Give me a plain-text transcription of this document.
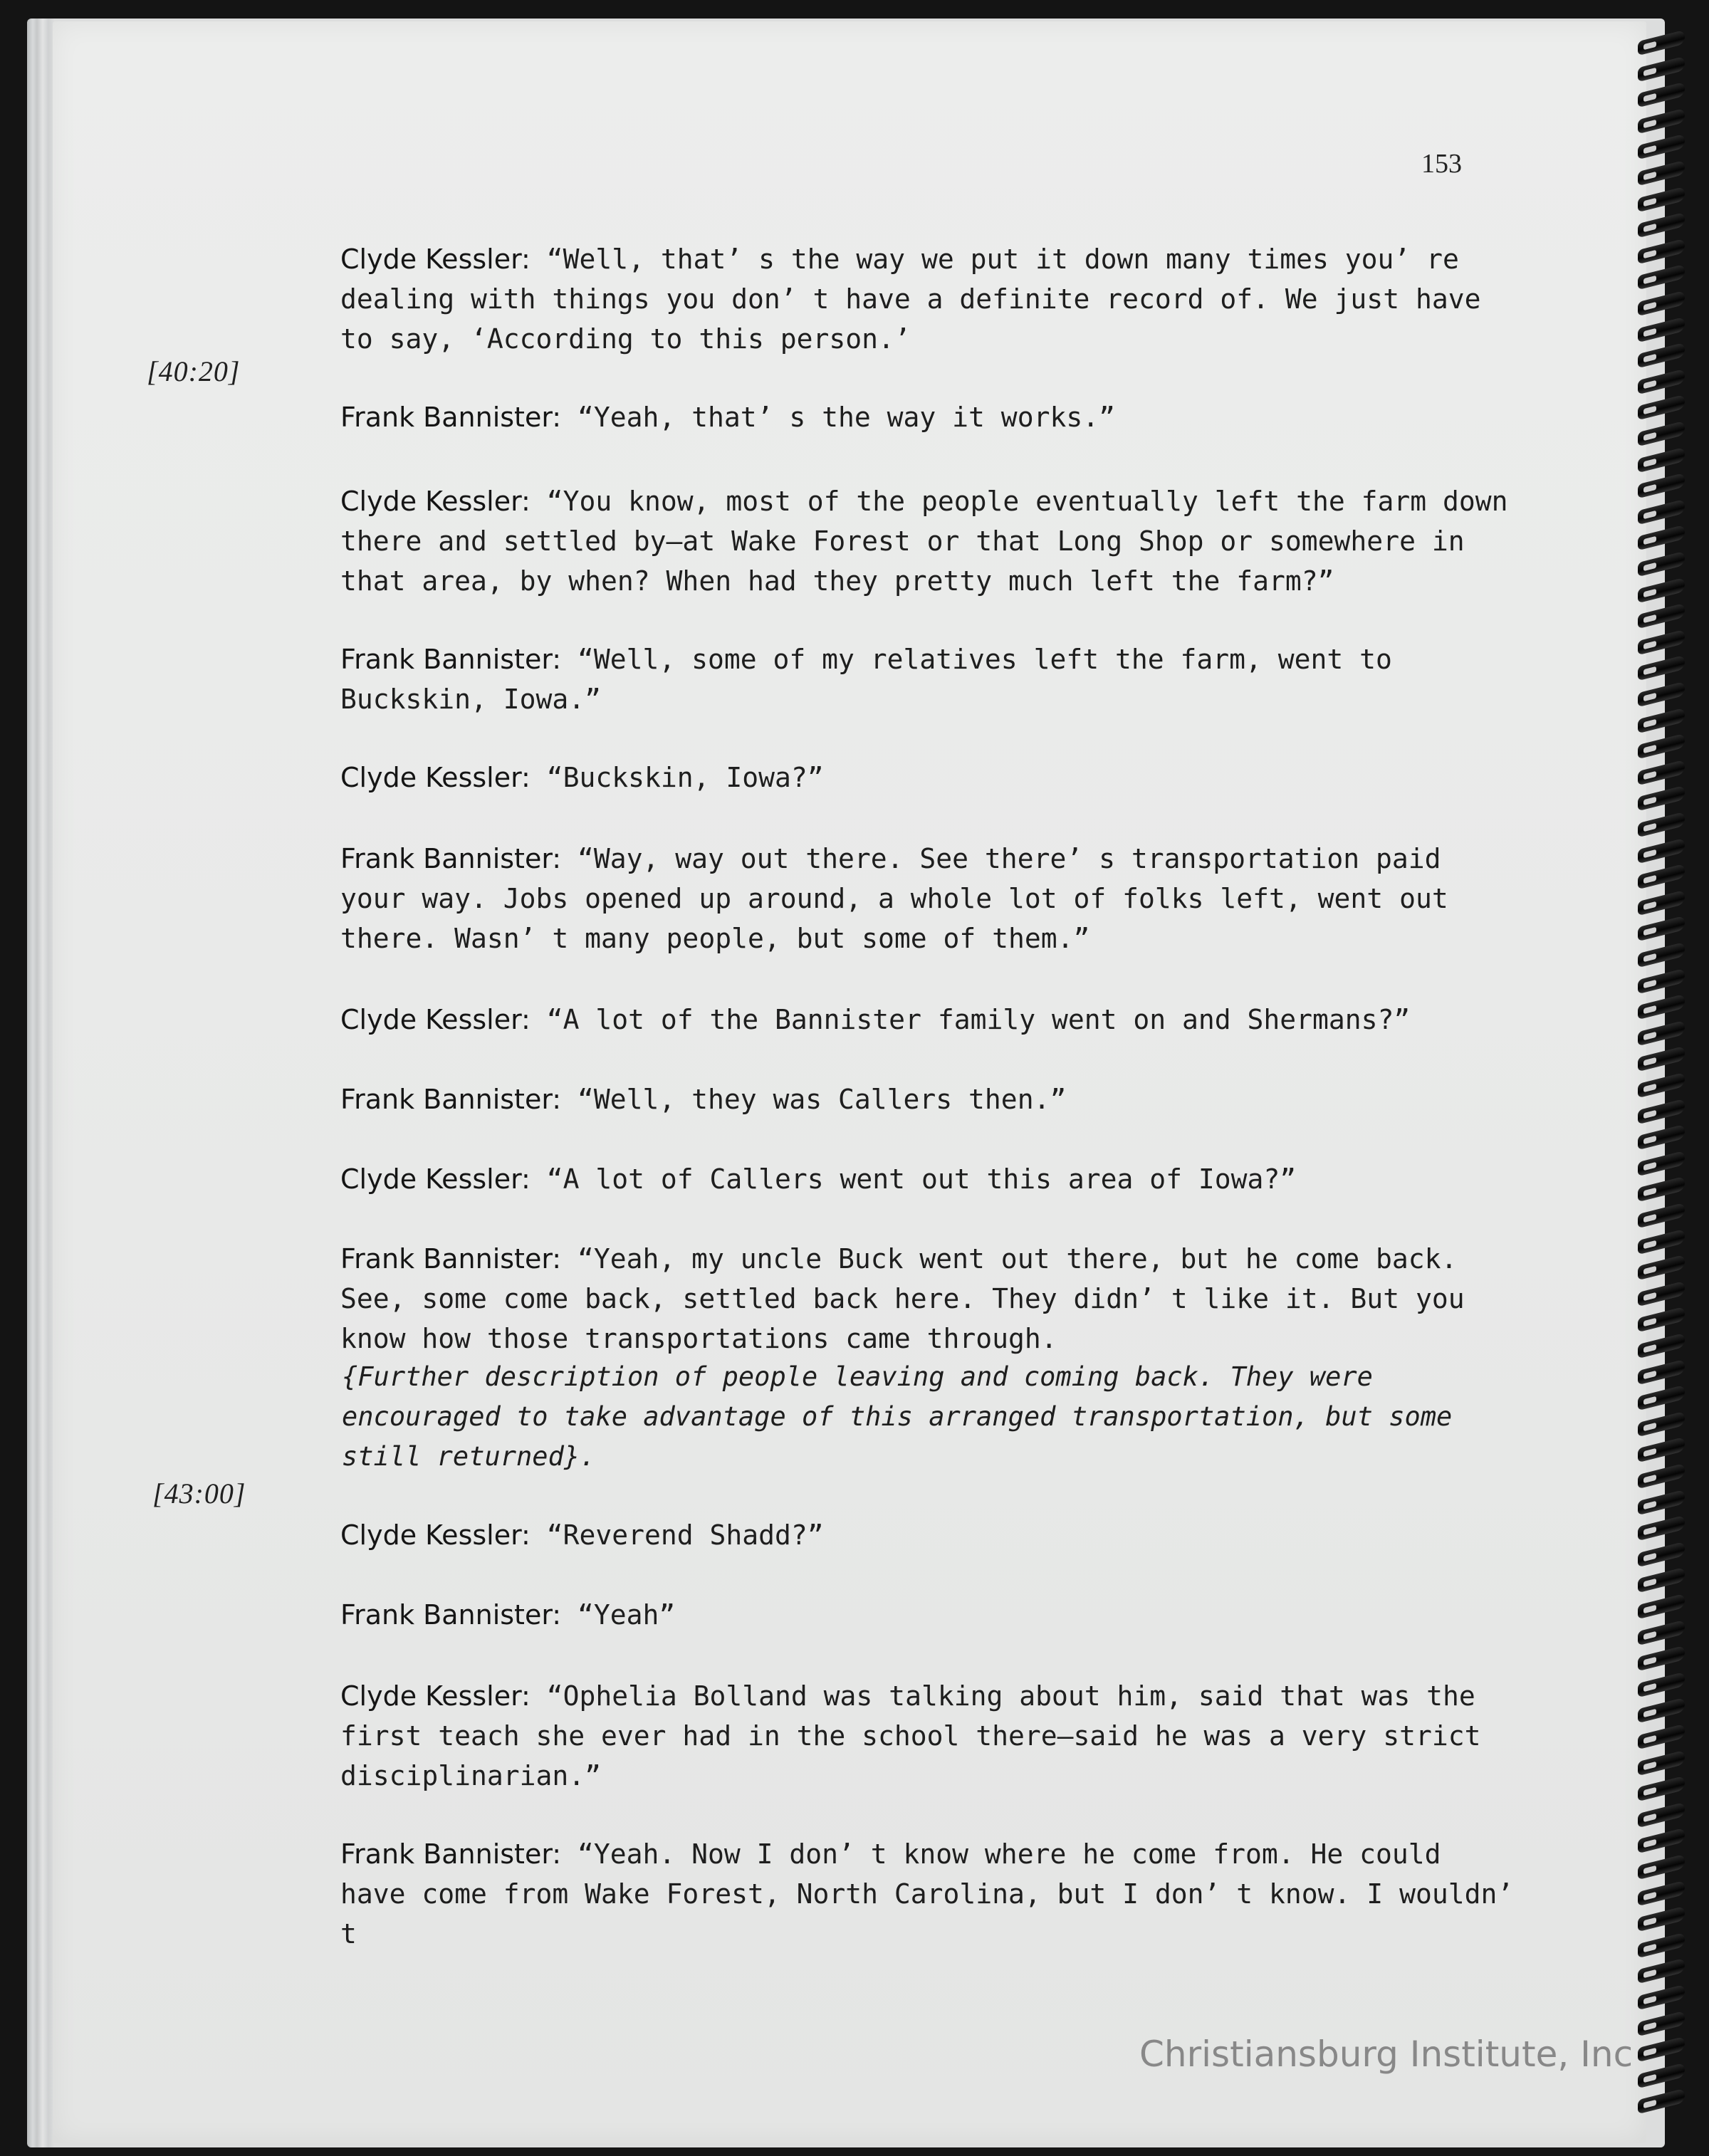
153
[40:20]
[43:00]
Clyde Kessler: “Well, that’ s the way we put it down many times you’ re dealing with things you don’ t have a definite record of. We just have to say, ‘According to this person.’
Frank Bannister: “Yeah, that’ s the way it works.”
Clyde Kessler: “You know, most of the people eventually left the farm down there and settled by—at Wake Forest or that Long Shop or somewhere in that area, by when? When had they pretty much left the farm?”
Frank Bannister: “Well, some of my relatives left the farm, went to Buckskin, Iowa.”
Clyde Kessler: “Buckskin, Iowa?”
Frank Bannister: “Way, way out there. See there’ s transportation paid your way. Jobs opened up around, a whole lot of folks left, went out there. Wasn’ t many people, but some of them.”
Clyde Kessler: “A lot of the Bannister family went on and Shermans?”
Frank Bannister: “Well, they was Callers then.”
Clyde Kessler: “A lot of Callers went out this area of Iowa?”
Frank Bannister: “Yeah, my uncle Buck went out there, but he come back. See, some come back, settled back here. They didn’ t like it. But you know how those transportations came through.
{Further description of people leaving and coming back. They were encouraged to take advantage of this arranged transportation, but some still returned}.
Clyde Kessler: “Reverend Shadd?”
Frank Bannister: “Yeah”
Clyde Kessler: “Ophelia Bolland was talking about him, said that was the first teach she ever had in the school there—said he was a very strict disciplinarian.”
Frank Bannister: “Yeah. Now I don’ t know where he come from. He could have come from Wake Forest, North Carolina, but I don’ t know. I wouldn’ t
Christiansburg Institute, Inc
